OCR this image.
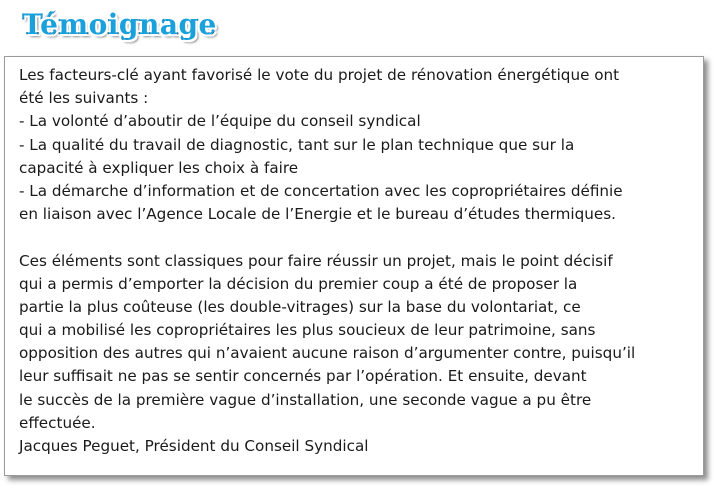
Témoignage
Les facteurs-clé ayant favorisé le vote du projet de rénovation énergétique ont
été les suivants :
- La volonté d’aboutir de l’équipe du conseil syndical
- La qualité du travail de diagnostic, tant sur le plan technique que sur la
capacité à expliquer les choix à faire
- La démarche d’information et de concertation avec les copropriétaires définie
en liaison avec l’Agence Locale de l’Energie et le bureau d’études thermiques.
Ces éléments sont classiques pour faire réussir un projet, mais le point décisif
qui a permis d’emporter la décision du premier coup a été de proposer la
partie la plus coûteuse (les double-vitrages) sur la base du volontariat, ce
qui a mobilisé les copropriétaires les plus soucieux de leur patrimoine, sans
opposition des autres qui n’avaient aucune raison d’argumenter contre, puisqu’il
leur suffisait ne pas se sentir concernés par l’opération. Et ensuite, devant
le succès de la première vague d’installation, une seconde vague a pu être
effectuée.
Jacques Peguet, Président du Conseil Syndical
